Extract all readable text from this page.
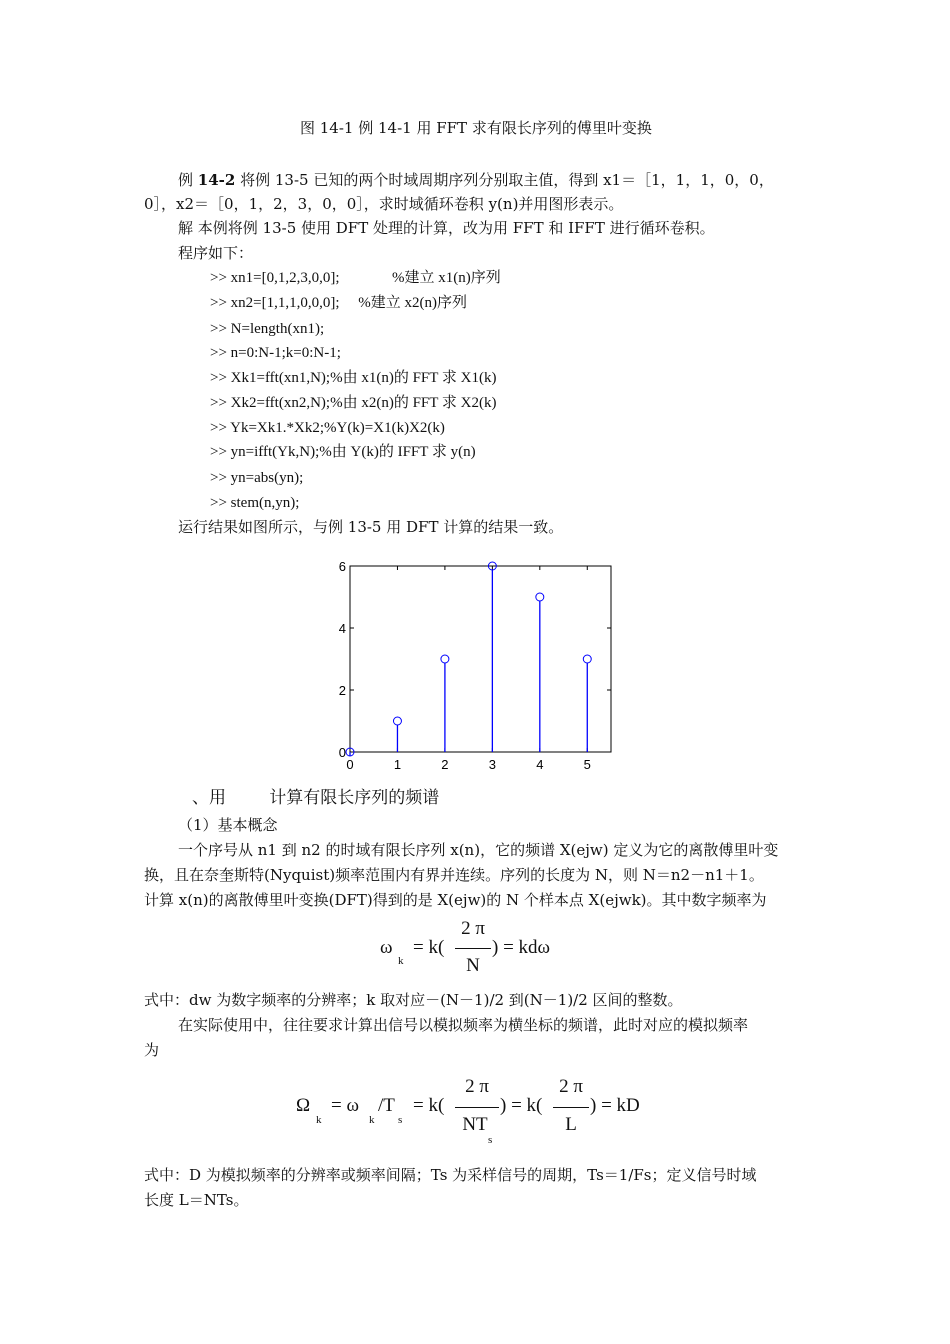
图 14-1 例 14-1 用 FFT 求有限长序列的傅里叶变换
例 14-2 将例 13-5 已知的两个时域周期序列分别取主值，得到 x1＝［1，1，1，0，0，
0］，x2＝［0，1，2，3，0，0］，求时域循环卷积 y(n)并用图形表示。
解 本例将例 13-5 使用 DFT 处理的计算，改为用 FFT 和 IFFT 进行循环卷积。
程序如下：
>> xn1=[0,1,2,3,0,0];              %建立 x1(n)序列
>> xn2=[1,1,1,0,0,0];     %建立 x2(n)序列
>> N=length(xn1);
>> n=0:N-1;k=0:N-1;
>> Xk1=fft(xn1,N);%由 x1(n)的 FFT 求 X1(k)
>> Xk2=fft(xn2,N);%由 x2(n)的 FFT 求 X2(k)
>> Yk=Xk1.*Xk2;%Y(k)=X1(k)X2(k)
>> yn=ifft(Yk,N);%由 Y(k)的 IFFT 求 y(n)
>> yn=abs(yn);
>> stem(n,yn);
运行结果如图所示，与例 13-5 用 DFT 计算的结果一致。
0	1	2	3	4	5
0
2
4
6
、用        计算有限长序列的频谱
（1）基本概念
一个序号从 n1 到 n2 的时域有限长序列 x(n)，它的频谱 X(ejw) 定义为它的离散傅里叶变
换，且在奈奎斯特(Nyquist)频率范围内有界并连续。序列的长度为 N，则 N＝n2－n1＋1。
计算 x(n)的离散傅里叶变换(DFT)得到的是 X(ejw)的 N 个样本点 X(ejwk)。其中数字频率为
ω
k
= k(
2 π
N
) = kdω
式中：dw 为数字频率的分辨率；k 取对应－(N－1)/2 到(N－1)/2 区间的整数。
在实际使用中，往往要求计算出信号以模拟频率为横坐标的频谱，此时对应的模拟频率
为
Ω
k
= ω
k
/T
s
= k(
2 π
NT
s
) = k(
2 π
L
) = kD
式中：D 为模拟频率的分辨率或频率间隔；Ts 为采样信号的周期，Ts＝1/Fs；定义信号时域
长度 L＝NTs。
